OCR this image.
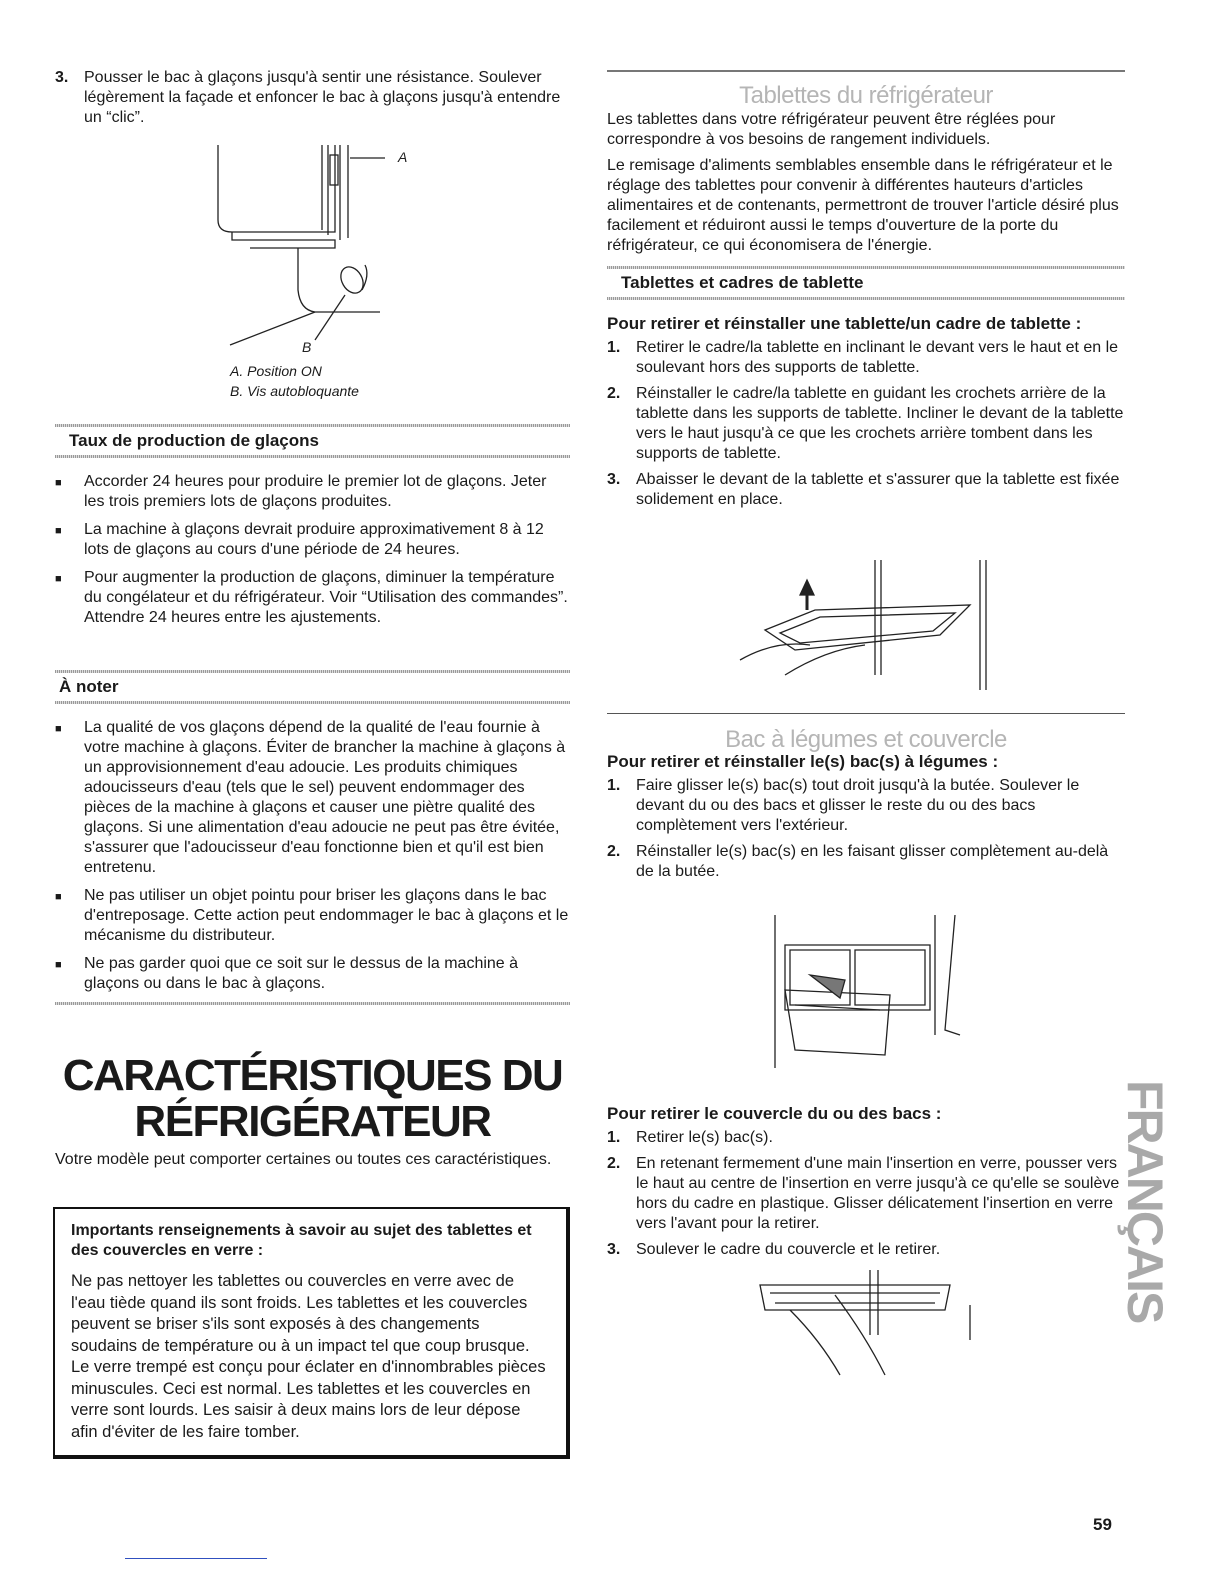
3. Pousser le bac à glaçons jusqu'à sentir une résistance. Soulever légèrement la façade et enfoncer le bac à glaçons jusqu'à entendre un “clic”.
A
B
A. Position ON
B. Vis autobloquante
Taux de production de glaçons
■	Accorder 24 heures pour produire le premier lot de glaçons. Jeter les trois premiers lots de glaçons produites.
■	La machine à glaçons devrait produire approximativement 8 à 12 lots de glaçons au cours d'une période de 24 heures.
■	Pour augmenter la production de glaçons, diminuer la température du congélateur et du réfrigérateur. Voir “Utilisation des commandes”. Attendre 24 heures entre les ajustements.
À noter
■	La qualité de vos glaçons dépend de la qualité de l'eau fournie à votre machine à glaçons. Éviter de brancher la machine à glaçons à un approvisionnement d'eau adoucie. Les produits chimiques adoucisseurs d'eau (tels que le sel) peuvent endommager des pièces de la machine à glaçons et causer une piètre qualité des glaçons. Si une alimentation d'eau adoucie ne peut pas être évitée, s'assurer que l'adoucisseur d'eau fonctionne bien et qu'il est bien entretenu.
■	Ne pas utiliser un objet pointu pour briser les glaçons dans le bac d'entreposage. Cette action peut endommager le bac à glaçons et le mécanisme du distributeur.
■	Ne pas garder quoi que ce soit sur le dessus de la machine à glaçons ou dans le bac à glaçons.
CARACTÉRISTIQUES DU
RÉFRIGÉRATEUR
Votre modèle peut comporter certaines ou toutes ces caractéristiques.
Importants renseignements à savoir au sujet des tablettes et des couvercles en verre :
Ne pas nettoyer les tablettes ou couvercles en verre avec de l'eau tiède quand ils sont froids. Les tablettes et les couvercles peuvent se briser s'ils sont exposés à des changements soudains de température ou à un impact tel que coup brusque. Le verre trempé est conçu pour éclater en d'innombrables pièces minuscules. Ceci est normal. Les tablettes et les couvercles en verre sont lourds. Les saisir à deux mains lors de leur dépose afin d'éviter de les faire tomber.
Tablettes du réfrigérateur

Les tablettes dans votre réfrigérateur peuvent être réglées pour correspondre à vos besoins de rangement individuels.

Le remisage d'aliments semblables ensemble dans le réfrigérateur et le réglage des tablettes pour convenir à différentes hauteurs d'articles alimentaires et de contenants, permettront de trouver l'article désiré plus facilement et réduiront aussi le temps d'ouverture de la porte du réfrigérateur, ce qui économisera de l'énergie.

Tablettes et cadres de tablette
Pour retirer et réinstaller une tablette/un cadre de tablette :
1. Retirer le cadre/la tablette en inclinant le devant vers le haut et en le soulevant hors des supports de tablette.
2. Réinstaller le cadre/la tablette en guidant les crochets arrière de la tablette dans les supports de tablette. Incliner le devant de la tablette vers le haut jusqu'à ce que les crochets arrière tombent dans les supports de tablette.
3. Abaisser le devant de la tablette et s'assurer que la tablette est fixée solidement en place.
Bac à légumes et couvercle
Pour retirer et réinstaller le(s) bac(s) à légumes :
1. Faire glisser le(s) bac(s) tout droit jusqu'à la butée. Soulever le devant du ou des bacs et glisser le reste du ou des bacs complètement vers l'extérieur.
2. Réinstaller le(s) bac(s) en les faisant glisser complètement au-delà de la butée.
Pour retirer le couvercle du ou des bacs :
1. Retirer le(s) bac(s).
2. En retenant fermement d'une main l'insertion en verre, pousser vers le haut au centre de l'insertion en verre jusqu'à ce qu'elle se soulève hors du cadre en plastique. Glisser délicatement l'insertion en verre vers l'avant pour la retirer.
3. Soulever le cadre du couvercle et le retirer.	FRANÇAIS
59
